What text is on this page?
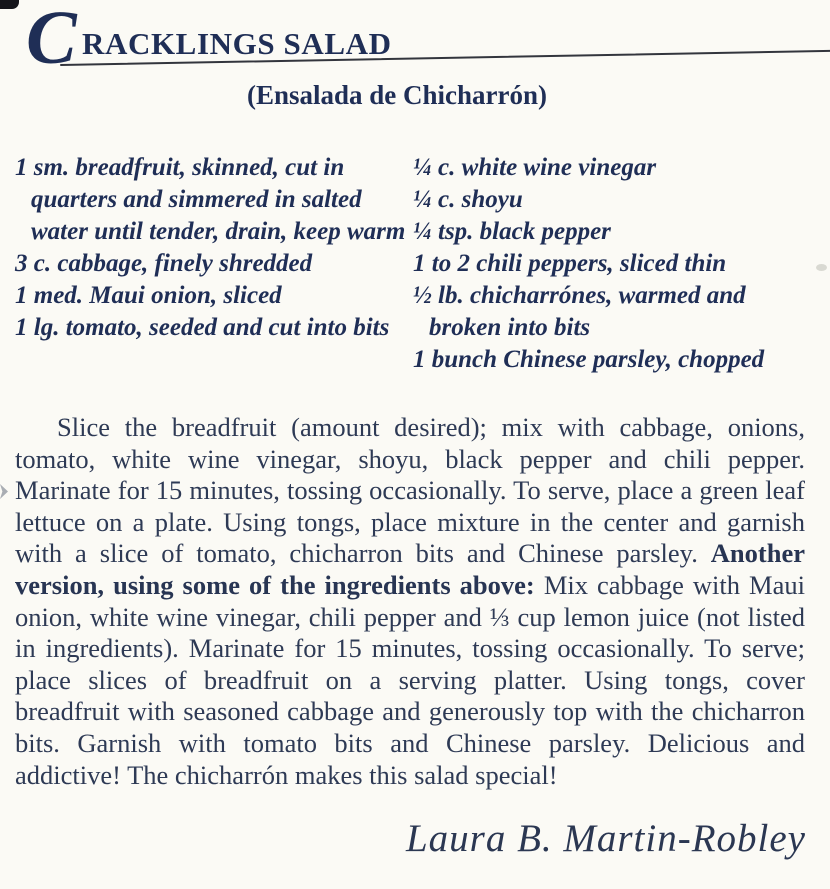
C RACKLINGS SALAD
(Ensalada de Chicharrón)
1 sm. breadfruit, skinned, cut in quarters and simmered in salted water until tender, drain, keep warm
3 c. cabbage, finely shredded
1 med. Maui onion, sliced
1 lg. tomato, seeded and cut into bits
¼ c. white wine vinegar
¼ c. shoyu
¼ tsp. black pepper
1 to 2 chili peppers, sliced thin
½ lb. chicharrónes, warmed and broken into bits
1 bunch Chinese parsley, chopped
Slice the breadfruit (amount desired); mix with cabbage, onions, tomato, white wine vinegar, shoyu, black pepper and chili pepper. Marinate for 15 minutes, tossing occasionally. To serve, place a green leaf lettuce on a plate. Using tongs, place mixture in the center and garnish with a slice of tomato, chicharron bits and Chinese parsley. Another version, using some of the ingredients above: Mix cabbage with Maui onion, white wine vinegar, chili pepper and ⅓ cup lemon juice (not listed in ingredients). Marinate for 15 minutes, tossing occasionally. To serve; place slices of breadfruit on a serving platter. Using tongs, cover breadfruit with seasoned cabbage and generously top with the chicharron bits. Garnish with tomato bits and Chinese parsley. Delicious and addictive! The chicharrón makes this salad special!
Laura B. Martin-Robley
